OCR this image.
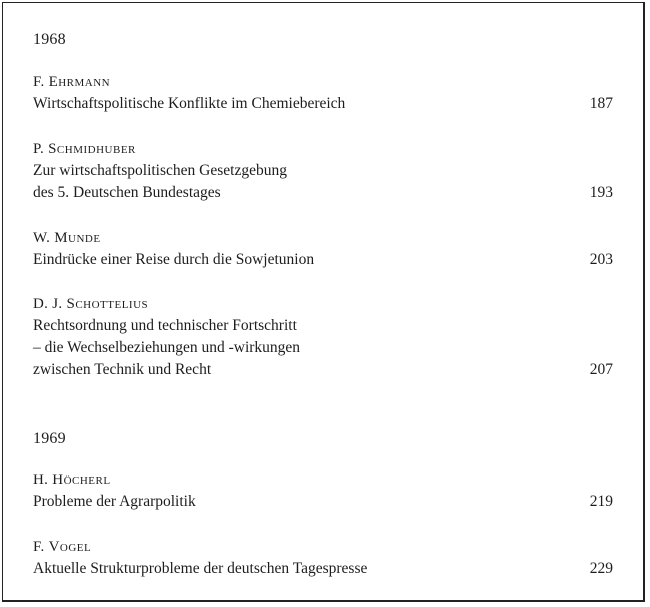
1968
F. Ehrmann
Wirtschaftspolitische Konflikte im Chemiebereich	187
P. Schmidhuber
Zur wirtschaftspolitischen Gesetzgebung
des 5. Deutschen Bundestages	193
W. Munde
Eindrücke einer Reise durch die Sowjetunion	203
D. J. Schottelius
Rechtsordnung und technischer Fortschritt
– die Wechselbeziehungen und -wirkungen
zwischen Technik und Recht	207
1969
H. Höcherl
Probleme der Agrarpolitik	219
F. Vogel
Aktuelle Strukturprobleme der deutschen Tagespresse	229
